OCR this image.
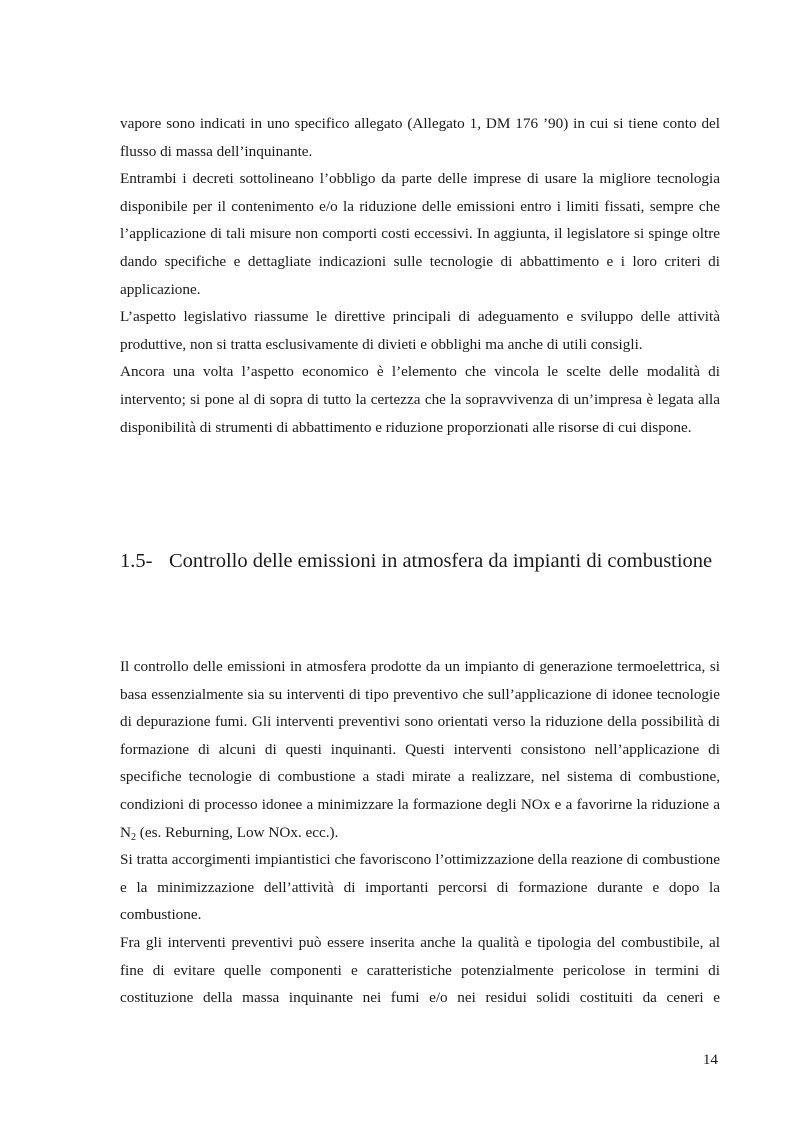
vapore sono indicati in uno specifico allegato (Allegato 1, DM 176 ’90) in cui si tiene conto del flusso di massa dell’inquinante.

Entrambi i decreti sottolineano l’obbligo da parte delle imprese di usare la migliore tecnologia disponibile per il contenimento e/o la riduzione delle emissioni entro i limiti fissati, sempre che l’applicazione di tali misure non comporti costi eccessivi. In aggiunta, il legislatore si spinge oltre dando specifiche e dettagliate indicazioni sulle tecnologie di abbattimento e i loro criteri di applicazione.

L’aspetto legislativo riassume le direttive principali di adeguamento e sviluppo delle attività produttive, non si tratta esclusivamente di divieti e obblighi ma anche di utili consigli.

Ancora una volta l’aspetto economico è l’elemento che vincola le scelte delle modalità di intervento; si pone al di sopra di tutto la certezza che la sopravvivenza di un’impresa è legata alla disponibilità di strumenti di abbattimento e riduzione proporzionati alle risorse di cui dispone.

1.5- Controllo delle emissioni in atmosfera da impianti di combustione

Il controllo delle emissioni in atmosfera prodotte da un impianto di generazione termoelettrica, si basa essenzialmente sia su interventi di tipo preventivo che sull’applicazione di idonee tecnologie di depurazione fumi. Gli interventi preventivi sono orientati verso la riduzione della possibilità di formazione di alcuni di questi inquinanti. Questi interventi consistono nell’applicazione di specifiche tecnologie di combustione a stadi mirate a realizzare, nel sistema di combustione, condizioni di processo idonee a minimizzare la formazione degli NOx e a favorirne la riduzione a $N_2$ (es. Reburning, Low NOx. ecc.).

Si tratta accorgimenti impiantistici che favoriscono l’ottimizzazione della reazione di combustione e la minimizzazione dell’attività di importanti percorsi di formazione durante e dopo la combustione.

Fra gli interventi preventivi può essere inserita anche la qualità e tipologia del combustibile, al fine di evitare quelle componenti e caratteristiche potenzialmente pericolose in termini di costituzione della massa inquinante nei fumi e/o nei residui solidi costituiti da ceneri e

14
